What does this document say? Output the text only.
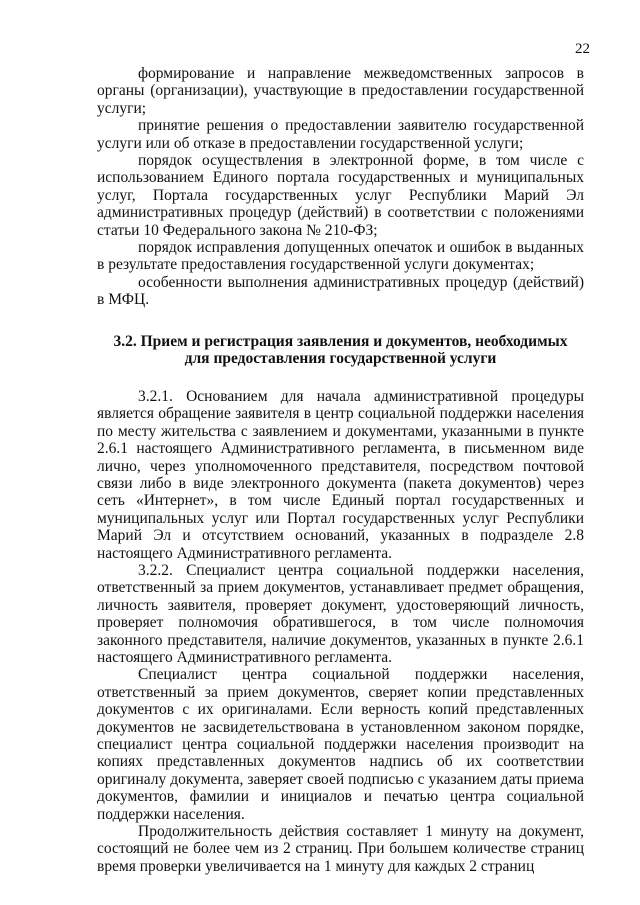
22

формирование и направление межведомственных запросов в органы (организации), участвующие в предоставлении государственной услуги;

принятие решения о предоставлении заявителю государственной услуги или об отказе в предоставлении государственной услуги;

порядок осуществления в электронной форме, в том числе с использованием Единого портала государственных и муниципальных услуг, Портала государственных услуг Республики Марий Эл административных процедур (действий) в соответствии с положениями статьи 10 Федерального закона № 210-ФЗ;

порядок исправления допущенных опечаток и ошибок в выданных в результате предоставления государственной услуги документах;

особенности выполнения административных процедур (действий) в МФЦ.

3.2. Прием и регистрация заявления и документов, необходимых
для предоставления государственной услуги

3.2.1. Основанием для начала административной процедуры является обращение заявителя в центр социальной поддержки населения по месту жительства с заявлением и документами, указанными в пункте 2.6.1 настоящего Административного регламента, в письменном виде лично, через уполномоченного представителя, посредством почтовой связи либо в виде электронного документа (пакета документов) через сеть «Интернет», в том числе Единый портал государственных и муниципальных услуг или Портал государственных услуг Республики Марий Эл и отсутствием оснований, указанных в подразделе 2.8 настоящего Административного регламента.

3.2.2. Специалист центра социальной поддержки населения, ответственный за прием документов, устанавливает предмет обращения, личность заявителя, проверяет документ, удостоверяющий личность, проверяет полномочия обратившегося, в том числе полномочия законного представителя, наличие документов, указанных в пункте 2.6.1 настоящего Административного регламента.

Специалист центра социальной поддержки населения, ответственный за прием документов, сверяет копии представленных документов с их оригиналами. Если верность копий представленных документов не засвидетельствована в установленном законом порядке, специалист центра социальной поддержки населения производит на копиях представленных документов надпись об их соответствии оригиналу документа, заверяет своей подписью с указанием даты приема документов, фамилии и инициалов и печатью центра социальной поддержки населения.

Продолжительность действия составляет 1 минуту на документ, состоящий не более чем из 2 страниц. При большем количестве страниц время проверки увеличивается на 1 минуту для каждых 2 страниц
